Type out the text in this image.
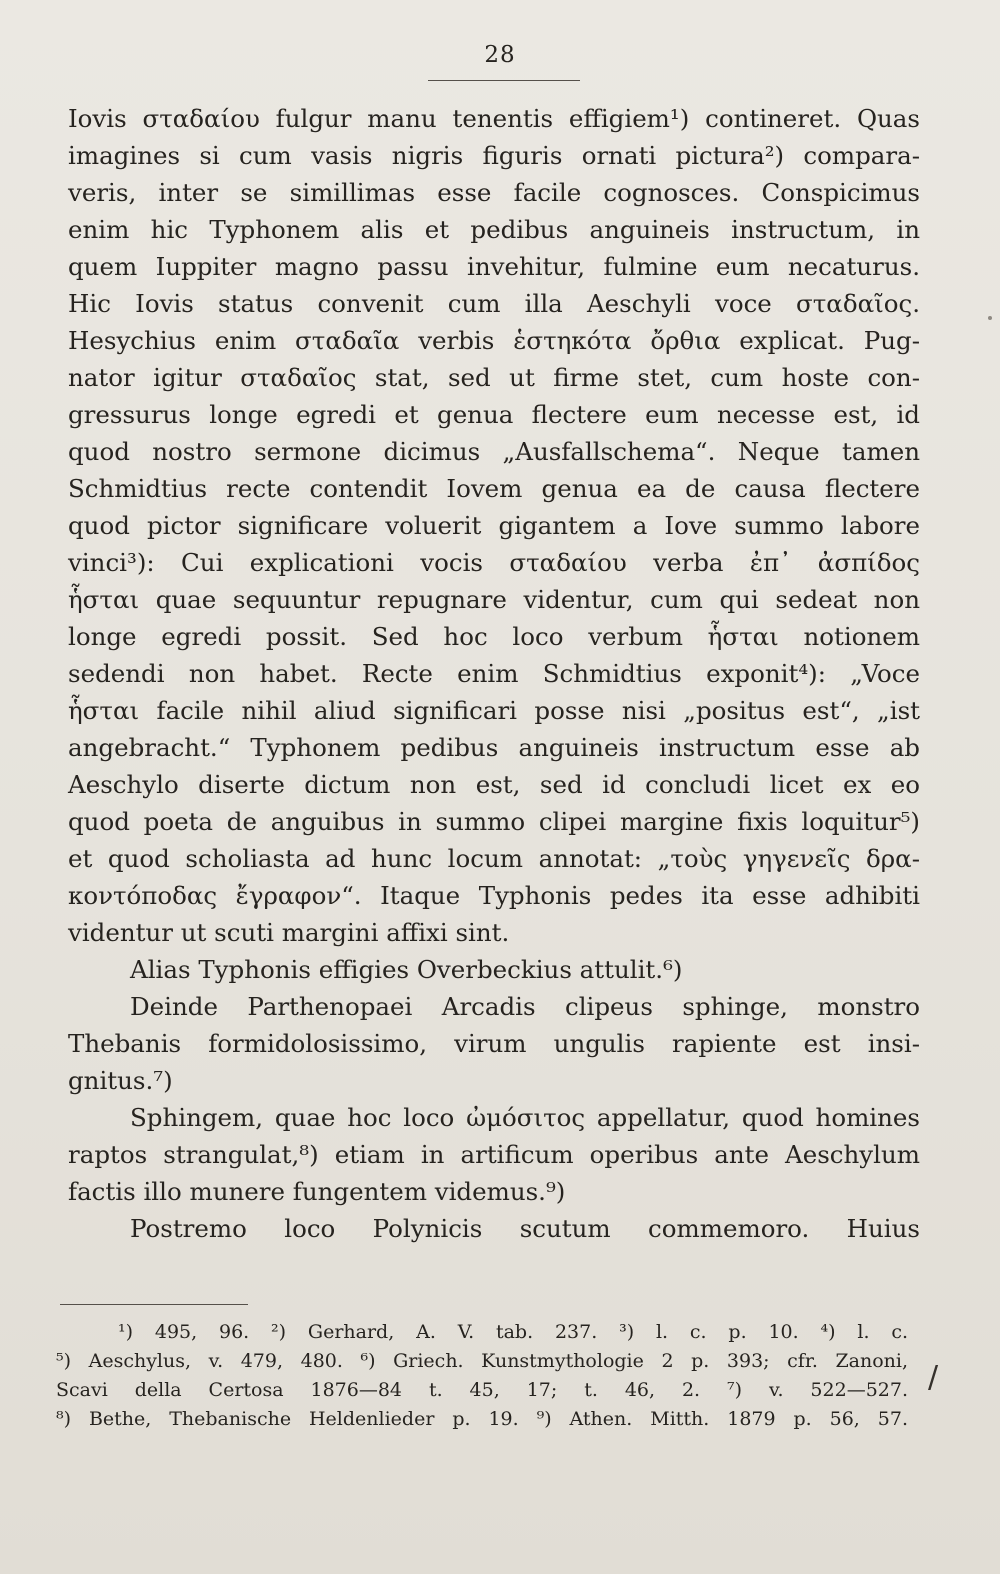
28
Iovis σταδαίου fulgur manu tenentis effigiem¹) contineret. Quas
imagines si cum vasis nigris figuris ornati pictura²) compara-
veris, inter se simillimas esse facile cognosces. Conspicimus
enim hic Typhonem alis et pedibus anguineis instructum, in
quem Iuppiter magno passu invehitur, fulmine eum necaturus.
Hic Iovis status convenit cum illa Aeschyli voce σταδαῖος.
Hesychius enim σταδαῖα verbis ἑστηκότα ὄρθια explicat. Pug-
nator igitur σταδαῖος stat, sed ut firme stet, cum hoste con-
gressurus longe egredi et genua flectere eum necesse est, id
quod nostro sermone dicimus „Ausfallschema“. Neque tamen
Schmidtius recte contendit Iovem genua ea de causa flectere
quod pictor significare voluerit gigantem a Iove summo labore
vinci³): Cui explicationi vocis σταδαίου verba ἐπ᾽ ἀσπίδος
ἧσται quae sequuntur repugnare videntur, cum qui sedeat non
longe egredi possit. Sed hoc loco verbum ἧσται notionem
sedendi non habet. Recte enim Schmidtius exponit⁴): „Voce
ἧσται facile nihil aliud significari posse nisi „positus est“, „ist
angebracht.“ Typhonem pedibus anguineis instructum esse ab
Aeschylo diserte dictum non est, sed id concludi licet ex eo
quod poeta de anguibus in summo clipei margine fixis loquitur⁵)
et quod scholiasta ad hunc locum annotat: „τοὺς γηγενεῖς δρα-
κοντόποδας ἔγραφον“. Itaque Typhonis pedes ita esse adhibiti
videntur ut scuti margini affixi sint.
Alias Typhonis effigies Overbeckius attulit.⁶)
Deinde Parthenopaei Arcadis clipeus sphinge, monstro
Thebanis formidolosissimo, virum ungulis rapiente est insi-
gnitus.⁷)
Sphingem, quae hoc loco ὠμόσιτος appellatur, quod homines
raptos strangulat,⁸) etiam in artificum operibus ante Aeschylum
factis illo munere fungentem videmus.⁹)
Postremo loco Polynicis scutum commemoro. Huius
¹) 495, 96. ²) Gerhard, A. V. tab. 237. ³) l. c. p. 10. ⁴) l. c.
⁵) Aeschylus, v. 479, 480. ⁶) Griech. Kunstmythologie 2 p. 393; cfr. Zanoni,
Scavi della Certosa 1876—84 t. 45, 17; t. 46, 2. ⁷) v. 522—527.
⁸) Bethe, Thebanische Heldenlieder p. 19. ⁹) Athen. Mitth. 1879 p. 56, 57.
/
